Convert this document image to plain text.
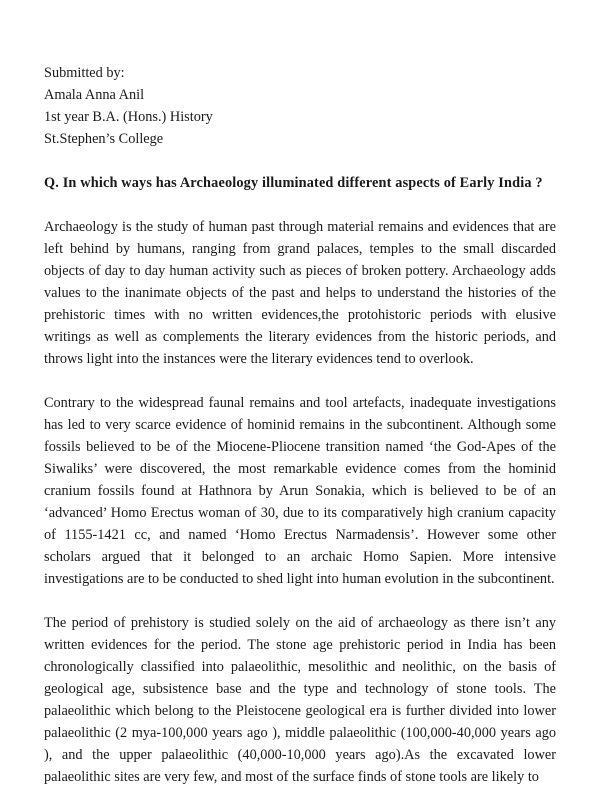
Submitted by:
Amala Anna Anil
1st year B.A. (Hons.) History
St.Stephen’s College
Q. In which ways has Archaeology illuminated different aspects of Early India ?

Archaeology is the study of human past through material remains and evidences that are left behind by humans, ranging from grand palaces, temples to the small discarded objects of day to day human activity such as pieces of broken pottery. Archaeology adds values to the inanimate objects of the past and helps to understand the histories of the prehistoric times with no written evidences,the protohistoric periods with elusive writings as well as complements the literary evidences from the historic periods, and throws light into the instances were the literary evidences tend to overlook.

Contrary to the widespread faunal remains and tool artefacts, inadequate investigations has led to very scarce evidence of hominid remains in the subcontinent. Although some fossils believed to be of the Miocene-Pliocene transition named ‘the God-Apes of the Siwaliks’ were discovered, the most remarkable evidence comes from the hominid cranium fossils found at Hathnora by Arun Sonakia, which is believed to be of an ‘advanced’ Homo Erectus woman of 30, due to its comparatively high cranium capacity of 1155-1421 cc, and named ‘Homo Erectus Narmadensis’. However some other scholars argued that it belonged to an archaic Homo Sapien. More intensive investigations are to be conducted to shed light into human evolution in the subcontinent.

The period of prehistory is studied solely on the aid of archaeology as there isn’t any written evidences for the period. The stone age prehistoric period in India has been chronologically classified into palaeolithic, mesolithic and neolithic, on the basis of geological age, subsistence base and the type and technology of stone tools. The palaeolithic which belong to the Pleistocene geological era is further divided into lower palaeolithic (2 mya-100,000 years ago ), middle palaeolithic (100,000-40,000 years ago ), and the upper palaeolithic (40,000-10,000 years ago).As the excavated lower palaeolithic sites are very few, and most of the surface finds of stone tools are likely to
